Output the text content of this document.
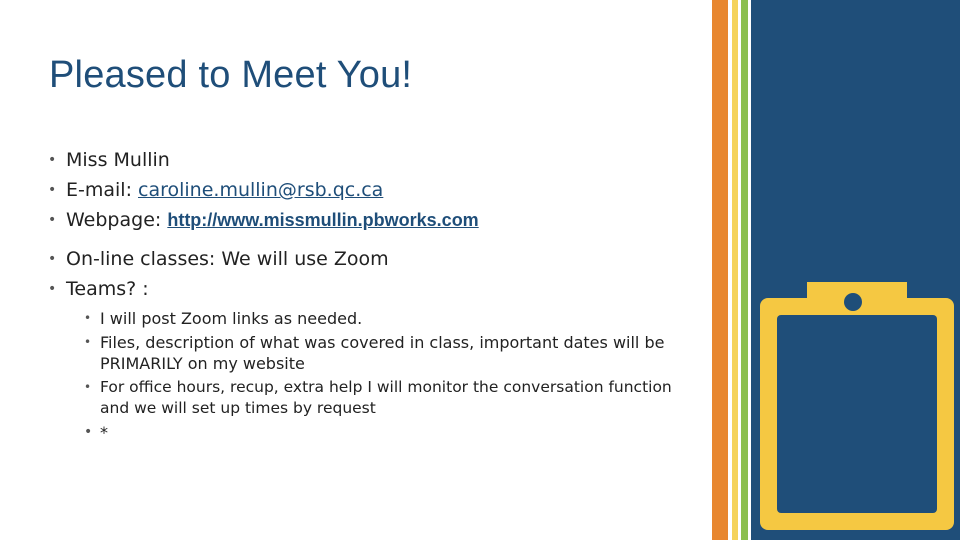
Pleased to Meet You!
• Miss Mullin
• E-mail: caroline.mullin@rsb.qc.ca
• Webpage: http://www.missmullin.pbworks.com
• On-line classes: We will use Zoom
• Teams? :
• I will post Zoom links as needed.
• Files, description of what was covered in class, important dates will be PRIMARILY on my website
• For office hours, recup, extra help I will monitor the conversation function and we will set up times by request
• *
